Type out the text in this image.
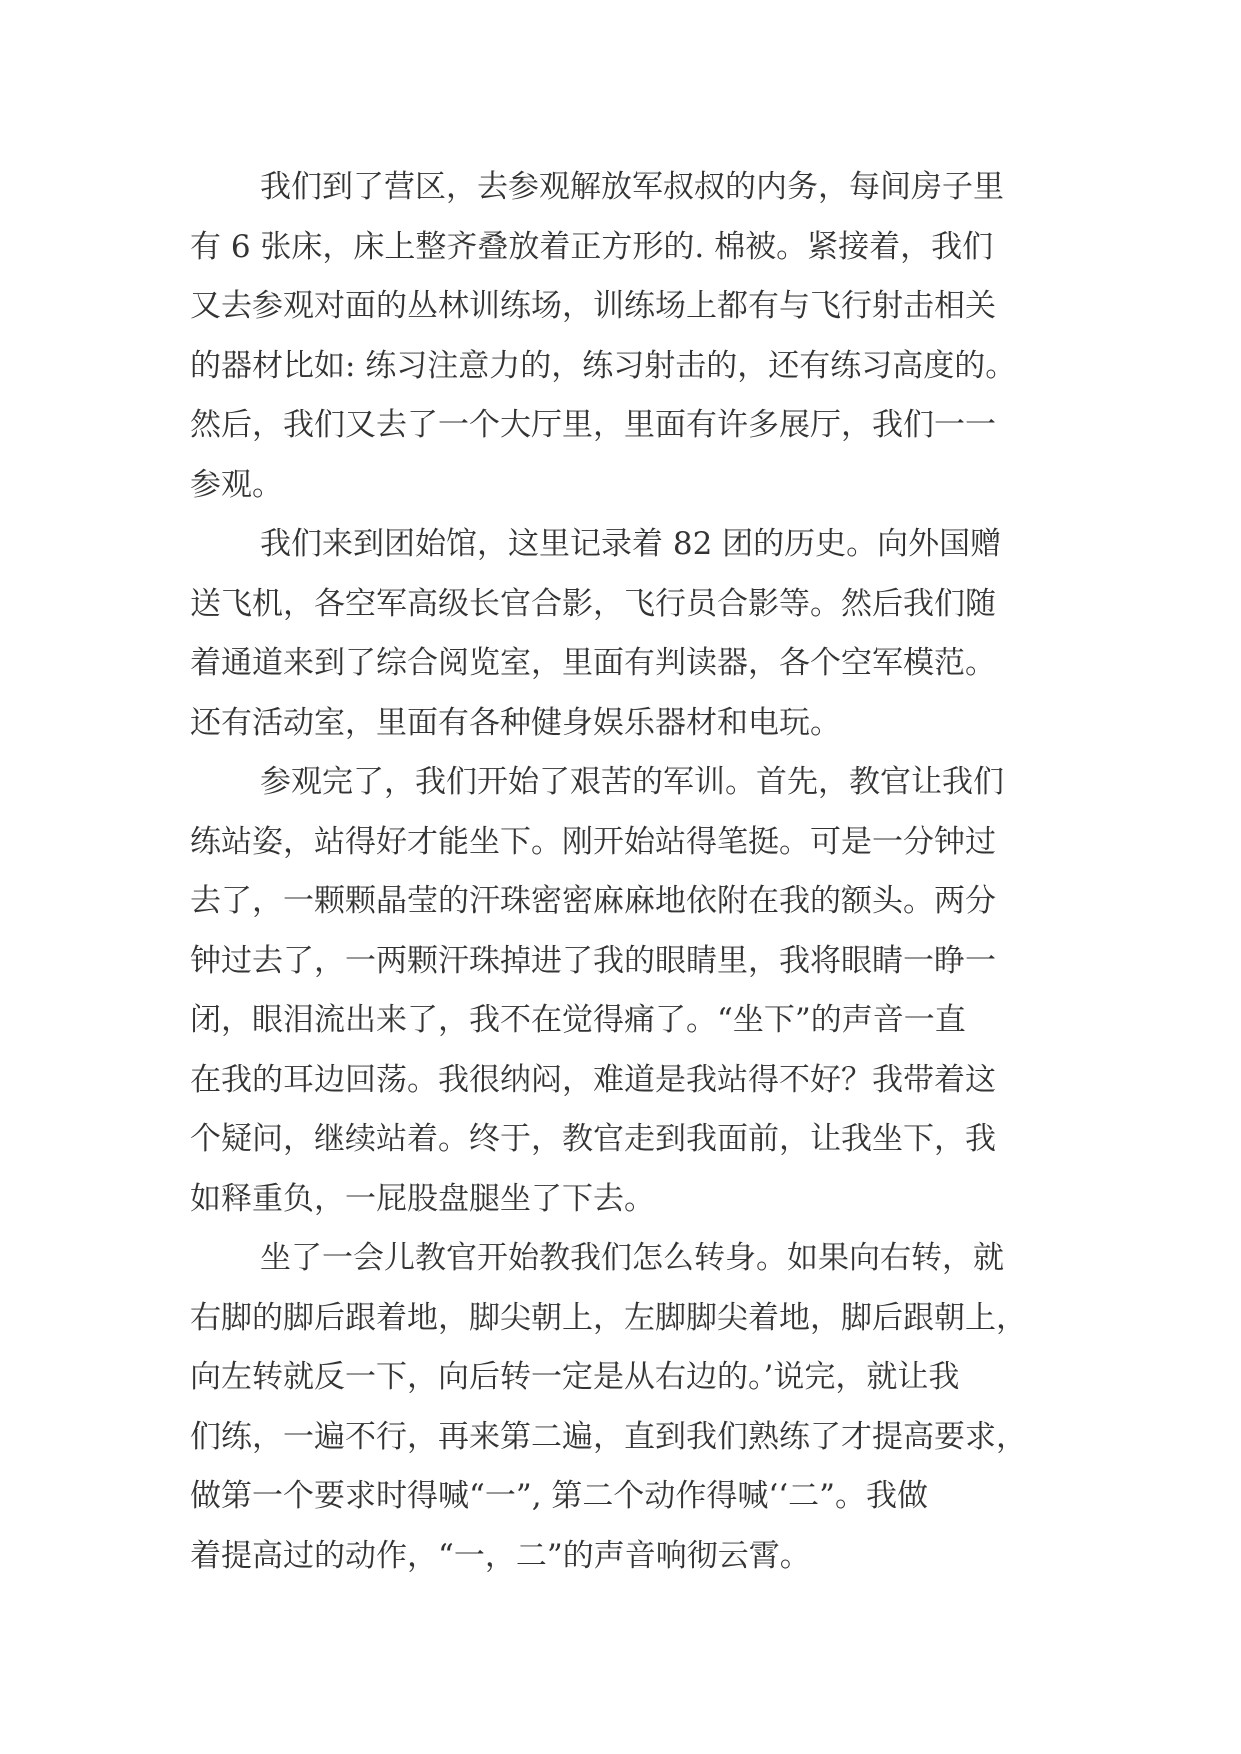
我们到了营区，去参观解放军叔叔的内务，每间房子里
有 6 张床，床上整齐叠放着正方形的. 棉被。紧接着，我们
又去参观对面的丛林训练场，训练场上都有与飞行射击相关
的器材比如: 练习注意力的，练习射击的，还有练习高度的。
然后，我们又去了一个大厅里，里面有许多展厅，我们一一
参观。
我们来到团始馆，这里记录着 82 团的历史。向外国赠
送飞机，各空军高级长官合影，飞行员合影等。然后我们随
着通道来到了综合阅览室，里面有判读器，各个空军模范。
还有活动室，里面有各种健身娱乐器材和电玩。
参观完了，我们开始了艰苦的军训。首先，教官让我们
练站姿，站得好才能坐下。刚开始站得笔挺。可是一分钟过
去了，一颗颗晶莹的汗珠密密麻麻地依附在我的额头。两分
钟过去了，一两颗汗珠掉进了我的眼睛里，我将眼睛一睁一
闭，眼泪流出来了，我不在觉得痛了。“坐下”的声音一直
在我的耳边回荡。我很纳闷，难道是我站得不好？我带着这
个疑问，继续站着。终于，教官走到我面前，让我坐下，我
如释重负，一屁股盘腿坐了下去。
坐了一会儿教官开始教我们怎么转身。如果向右转，就
右脚的脚后跟着地，脚尖朝上，左脚脚尖着地，脚后跟朝上，
向左转就反一下，向后转一定是从右边的。’说完，就让我
们练，一遍不行，再来第二遍，直到我们熟练了才提高要求，
做第一个要求时得喊“一”, 第二个动作得喊‘‘二”。我做
着提高过的动作，“一，二”的声音响彻云霄。
